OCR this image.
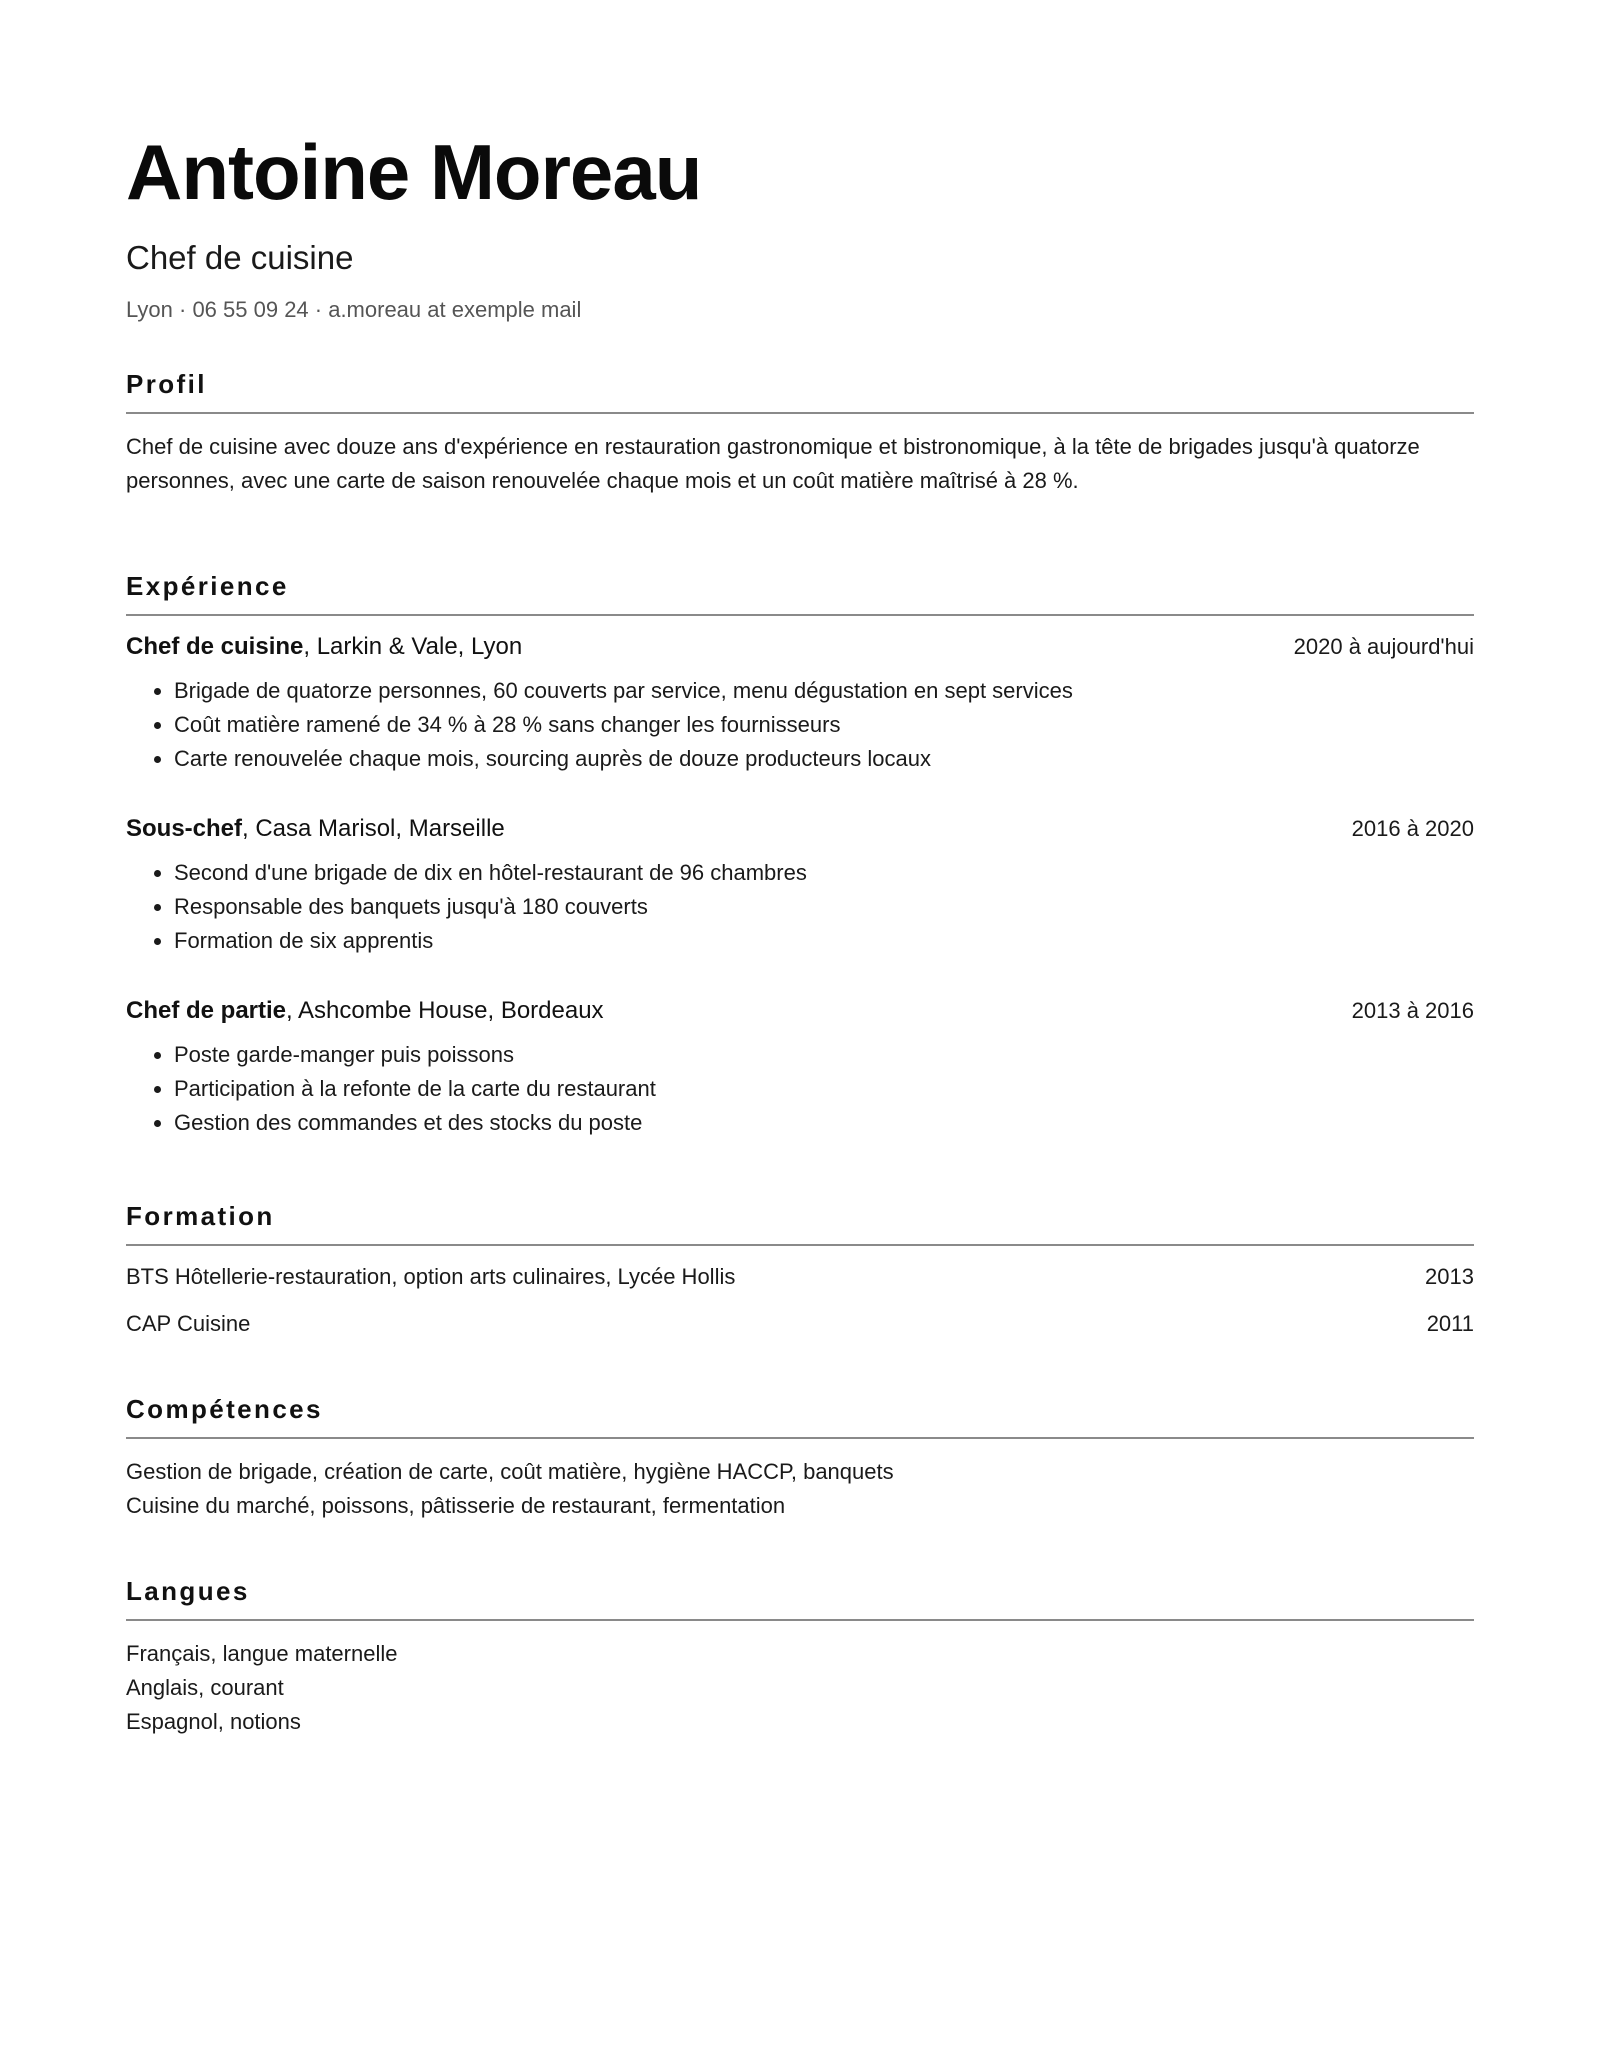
Antoine Moreau
Chef de cuisine
Lyon · 06 55 09 24 · a.moreau at exemple mail
Profil
Chef de cuisine avec douze ans d'expérience en restauration gastronomique et bistronomique, à la tête de brigades jusqu'à quatorze personnes, avec une carte de saison renouvelée chaque mois et un coût matière maîtrisé à 28 %.
Expérience
Chef de cuisine, Larkin & Vale, Lyon	2020 à aujourd'hui
• Brigade de quatorze personnes, 60 couverts par service, menu dégustation en sept services
• Coût matière ramené de 34 % à 28 % sans changer les fournisseurs
• Carte renouvelée chaque mois, sourcing auprès de douze producteurs locaux
Sous-chef, Casa Marisol, Marseille	2016 à 2020
• Second d'une brigade de dix en hôtel-restaurant de 96 chambres
• Responsable des banquets jusqu'à 180 couverts
• Formation de six apprentis
Chef de partie, Ashcombe House, Bordeaux	2013 à 2016
• Poste garde-manger puis poissons
• Participation à la refonte de la carte du restaurant
• Gestion des commandes et des stocks du poste
Formation
BTS Hôtellerie-restauration, option arts culinaires, Lycée Hollis	2013
CAP Cuisine	2011
Compétences
Gestion de brigade, création de carte, coût matière, hygiène HACCP, banquets
Cuisine du marché, poissons, pâtisserie de restaurant, fermentation
Langues
Français, langue maternelle
Anglais, courant
Espagnol, notions
